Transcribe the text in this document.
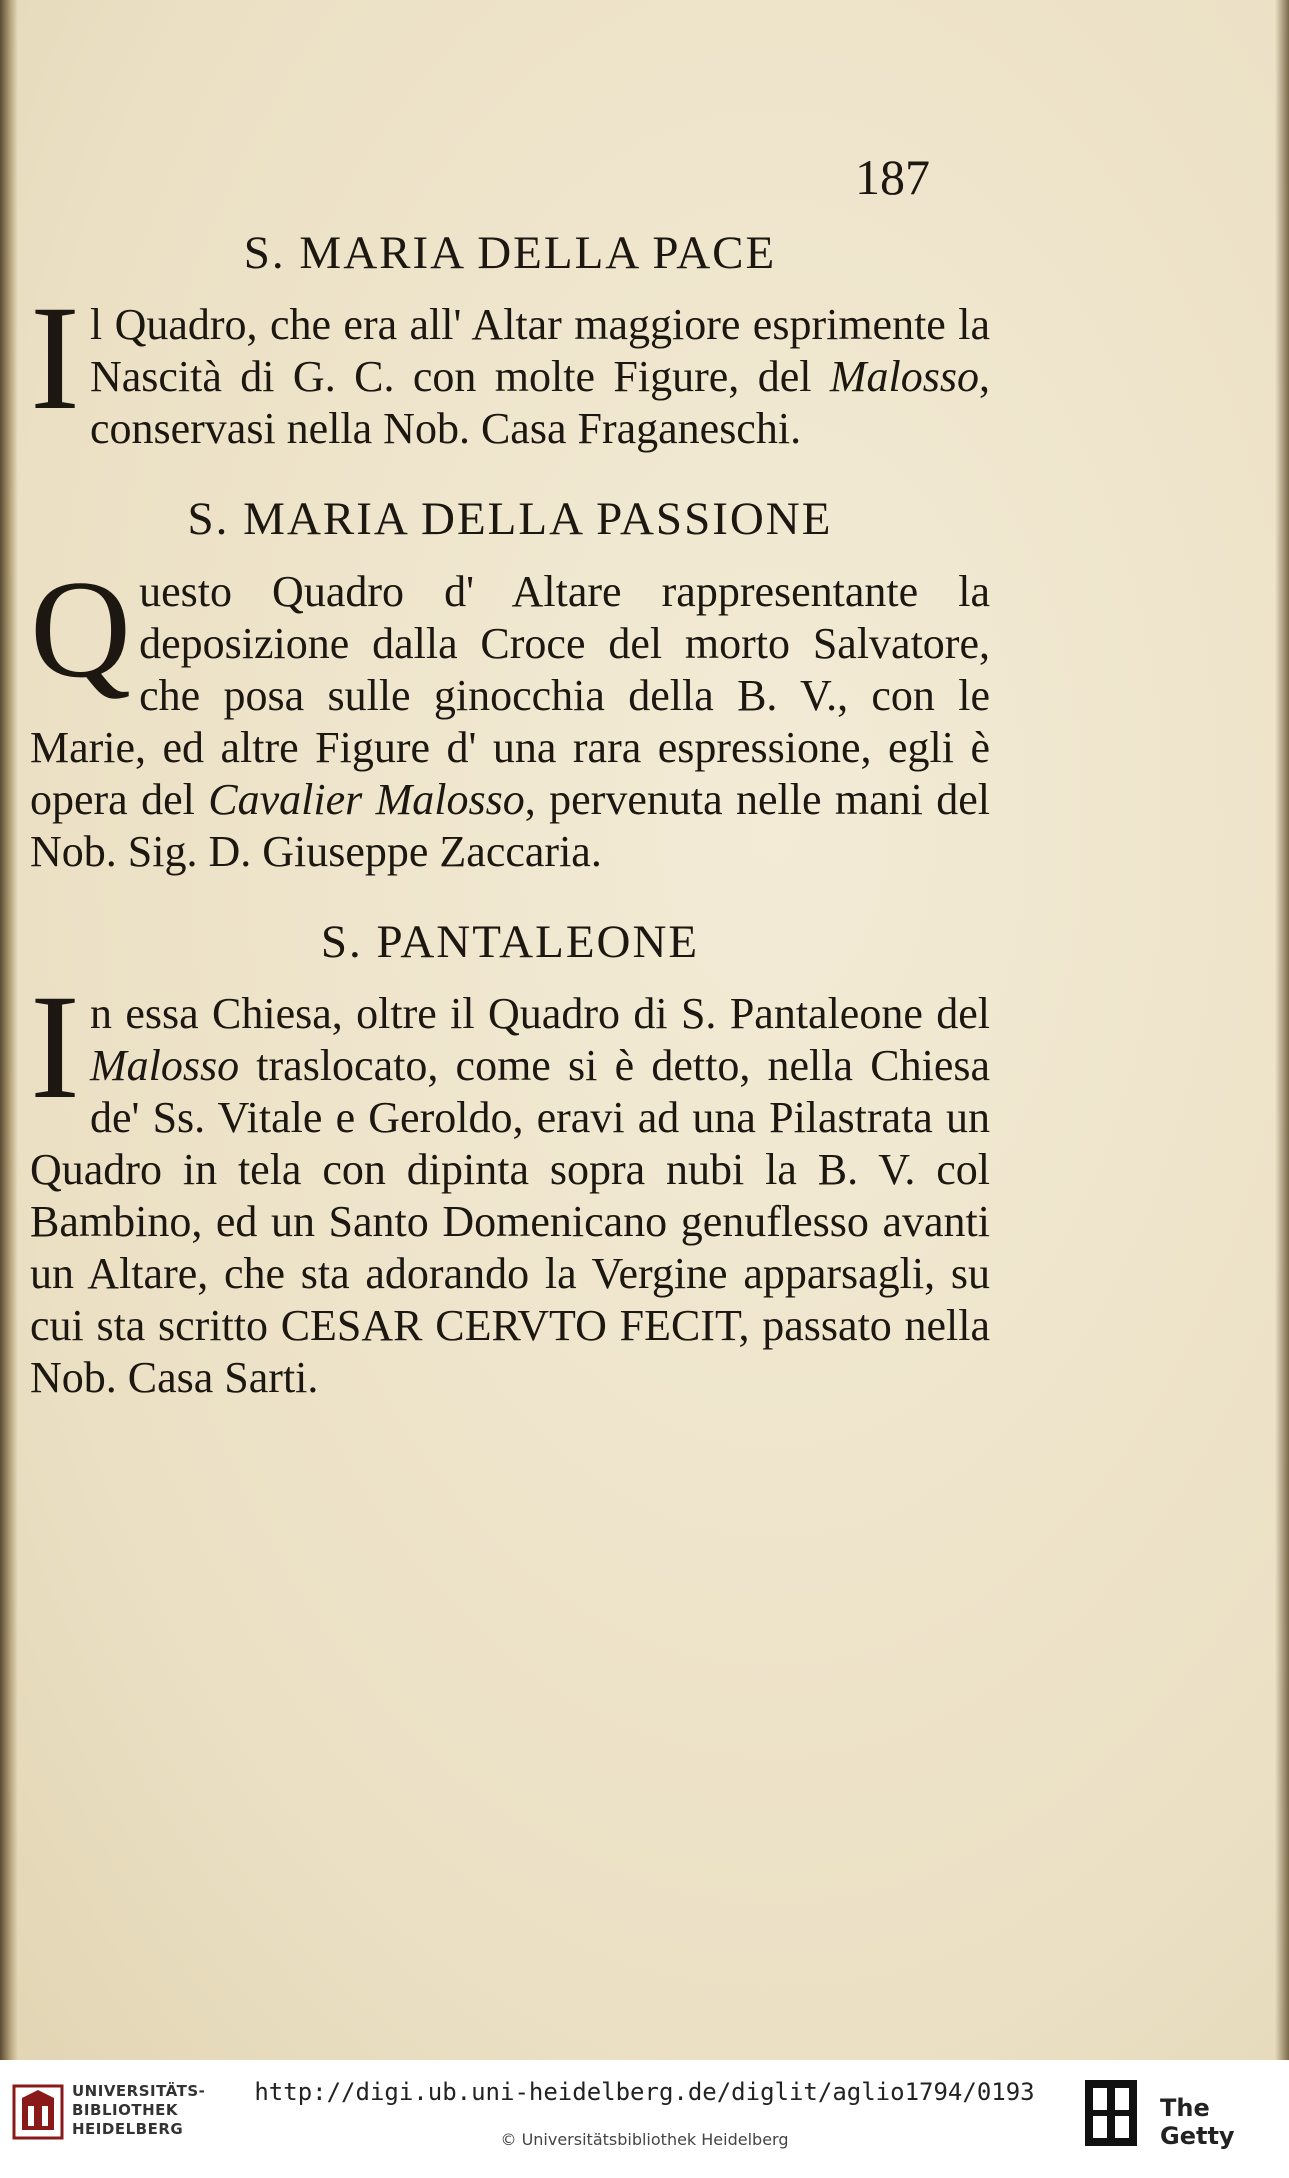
187
S. MARIA DELLA PACE

I l Quadro, che era all' Altar maggiore esprimente la Nascità di G. C. con molte Figure, del Malosso, conservasi nella Nob. Casa Fraganeschi.

S. MARIA DELLA PASSIONE

Q uesto Quadro d' Altare rappresentante la deposizione dalla Croce del morto Salvatore, che posa sulle ginocchia della B. V., con le Marie, ed altre Figure d' una rara espressione, egli è opera del Cavalier Malosso, pervenuta nelle mani del Nob. Sig. D. Giuseppe Zaccaria.

S. PANTALEONE

I n essa Chiesa, oltre il Quadro di S. Pantaleone del Malosso traslocato, come si è detto, nella Chiesa de' Ss. Vitale e Geroldo, eravi ad una Pilastrata un Quadro in tela con dipinta sopra nubi la B. V. col Bambino, ed un Santo Domenicano genuflesso avanti un Altare, che sta adorando la Vergine apparsagli, su cui sta scritto CESAR CERVTO FECIT, passato nella Nob. Casa Sarti.

UNIVERSITÄTS-
BIBLIOTHEK
HEIDELBERG
http://digi.ub.uni-heidelberg.de/diglit/aglio1794/0193
© Universitätsbibliothek Heidelberg
The Getty
